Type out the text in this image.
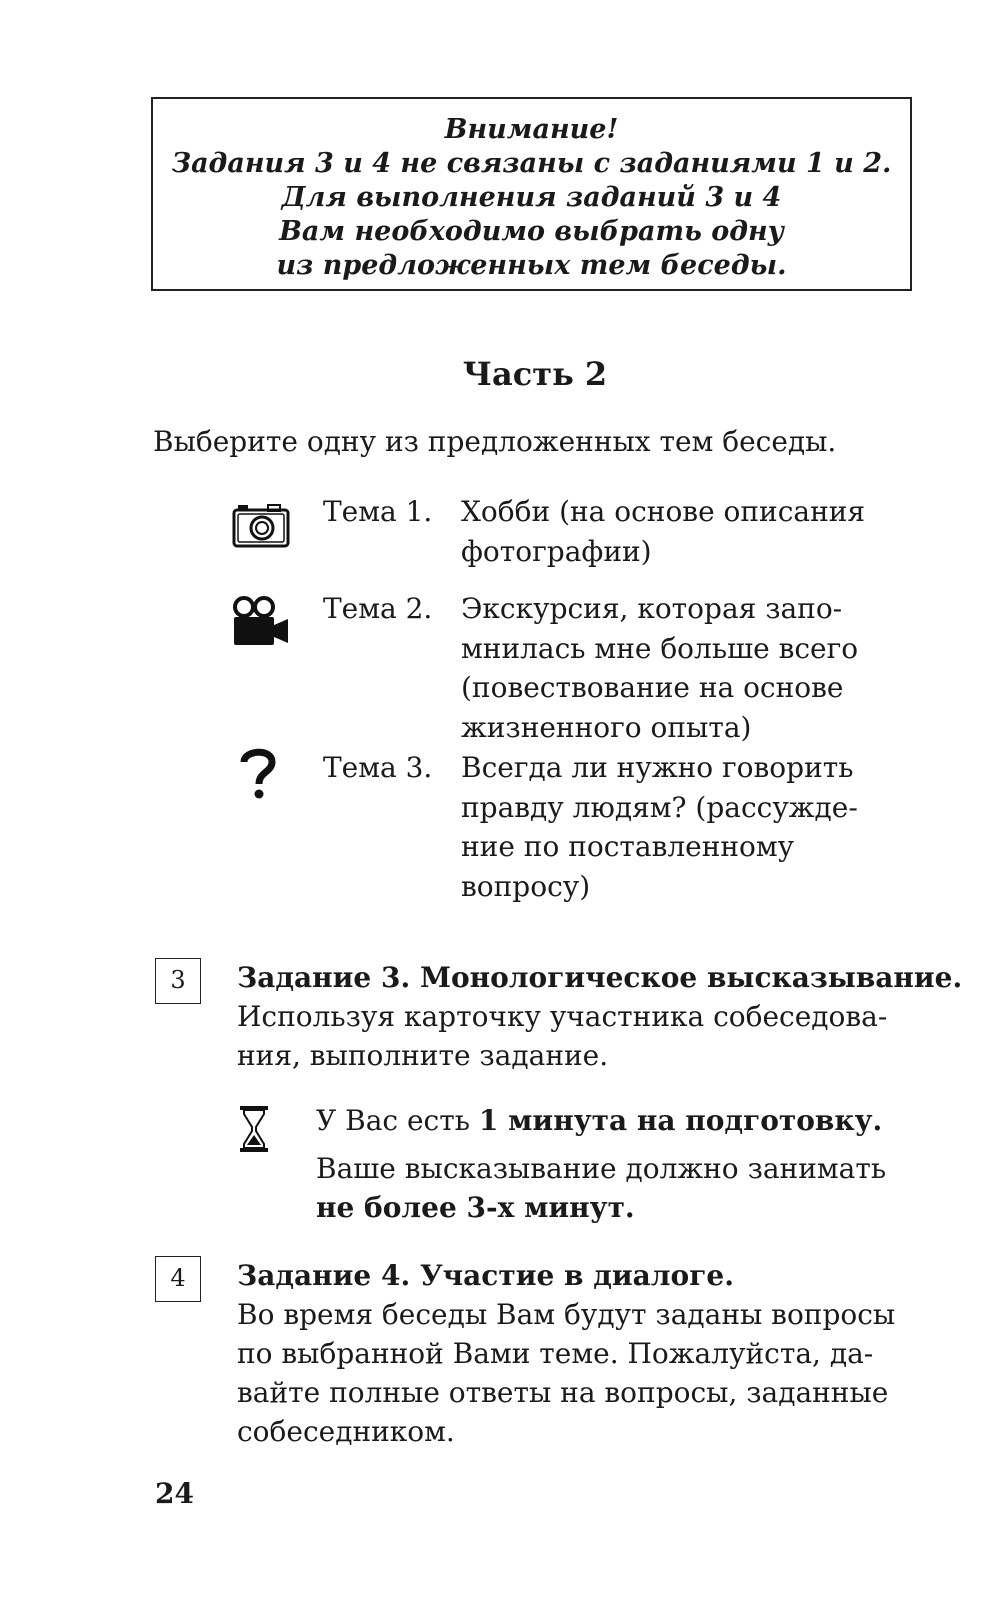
Внимание!
Задания 3 и 4 не связаны с заданиями 1 и 2.
Для выполнения заданий 3 и 4
Вам необходимо выбрать одну
из предложенных тем беседы.
Часть 2
Выберите одну из предложенных тем беседы.
Тема 1. Хобби (на основе описания
фотографии)
Тема 2. Экскурсия, которая запо-
мнилась мне больше всего
(повествование на основе
жизненного опыта)
Тема 3. Всегда ли нужно говорить
правду людям? (рассужде-
ние по поставленному
вопросу)
3	Задание 3. Монологическое высказывание.
Используя карточку участника собеседова-
ния, выполните задание.
У Вас есть 1 минута на подготовку.
Ваше высказывание должно занимать
не более 3-х минут.
4	Задание 4. Участие в диалоге.
Во время беседы Вам будут заданы вопросы
по выбранной Вами теме. Пожалуйста, да-
вайте полные ответы на вопросы, заданные
собеседником.
24
